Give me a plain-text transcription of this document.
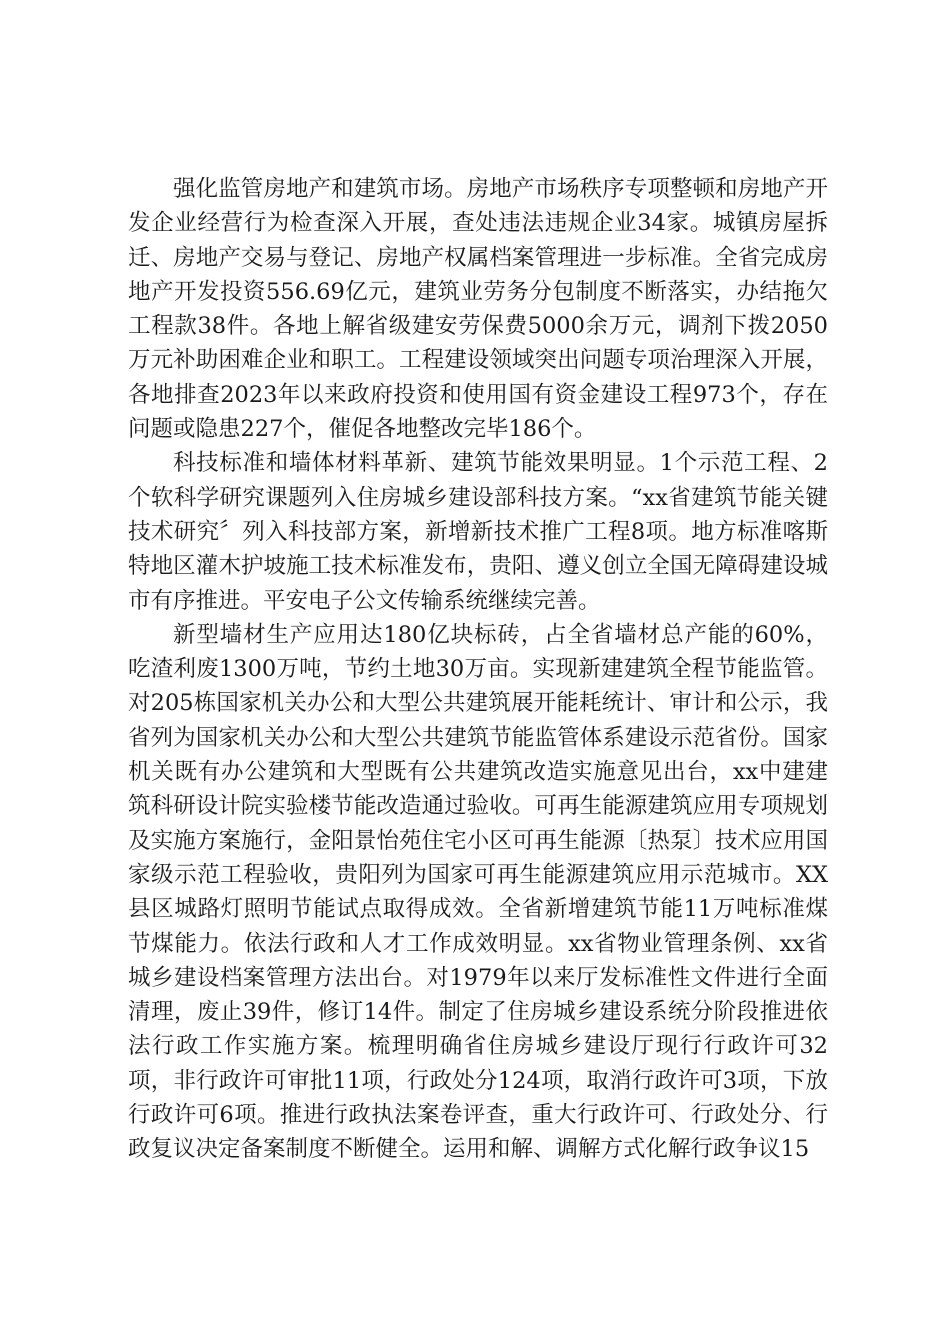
强化监管房地产和建筑市场。房地产市场秩序专项整顿和房地产开发企业经营行为检查深入开展，查处违法违规企业34家。城镇房屋拆迁、房地产交易与登记、房地产权属档案管理进一步标准。全省完成房地产开发投资556.69亿元，建筑业劳务分包制度不断落实，办结拖欠工程款38件。各地上解省级建安劳保费5000余万元，调剂下拨2050万元补助困难企业和职工。工程建设领域突出问题专项治理深入开展，各地排查2023年以来政府投资和使用国有资金建设工程973个，存在问题或隐患227个，催促各地整改完毕186个。

科技标准和墙体材料革新、建筑节能效果明显。1个示范工程、2个软科学研究课题列入住房城乡建设部科技方案。“xx省建筑节能关键技术研究〞列入科技部方案，新增新技术推广工程8项。地方标准喀斯特地区灌木护坡施工技术标准发布，贵阳、遵义创立全国无障碍建设城市有序推进。平安电子公文传输系统继续完善。

新型墙材生产应用达180亿块标砖，占全省墙材总产能的60%，吃渣利废1300万吨，节约土地30万亩。实现新建建筑全程节能监管。对205栋国家机关办公和大型公共建筑展开能耗统计、审计和公示，我省列为国家机关办公和大型公共建筑节能监管体系建设示范省份。国家机关既有办公建筑和大型既有公共建筑改造实施意见出台，xx中建建筑科研设计院实验楼节能改造通过验收。可再生能源建筑应用专项规划及实施方案施行，金阳景怡苑住宅小区可再生能源〔热泵〕技术应用国家级示范工程验收，贵阳列为国家可再生能源建筑应用示范城市。XX县区城路灯照明节能试点取得成效。全省新增建筑节能11万吨标准煤节煤能力。依法行政和人才工作成效明显。xx省物业管理条例、xx省城乡建设档案管理方法出台。对1979年以来厅发标准性文件进行全面清理，废止39件，修订14件。制定了住房城乡建设系统分阶段推进依法行政工作实施方案。梳理明确省住房城乡建设厅现行行政许可32项，非行政许可审批11项，行政处分124项，取消行政许可3项，下放行政许可6项。推进行政执法案卷评查，重大行政许可、行政处分、行政复议决定备案制度不断健全。运用和解、调解方式化解行政争议15
